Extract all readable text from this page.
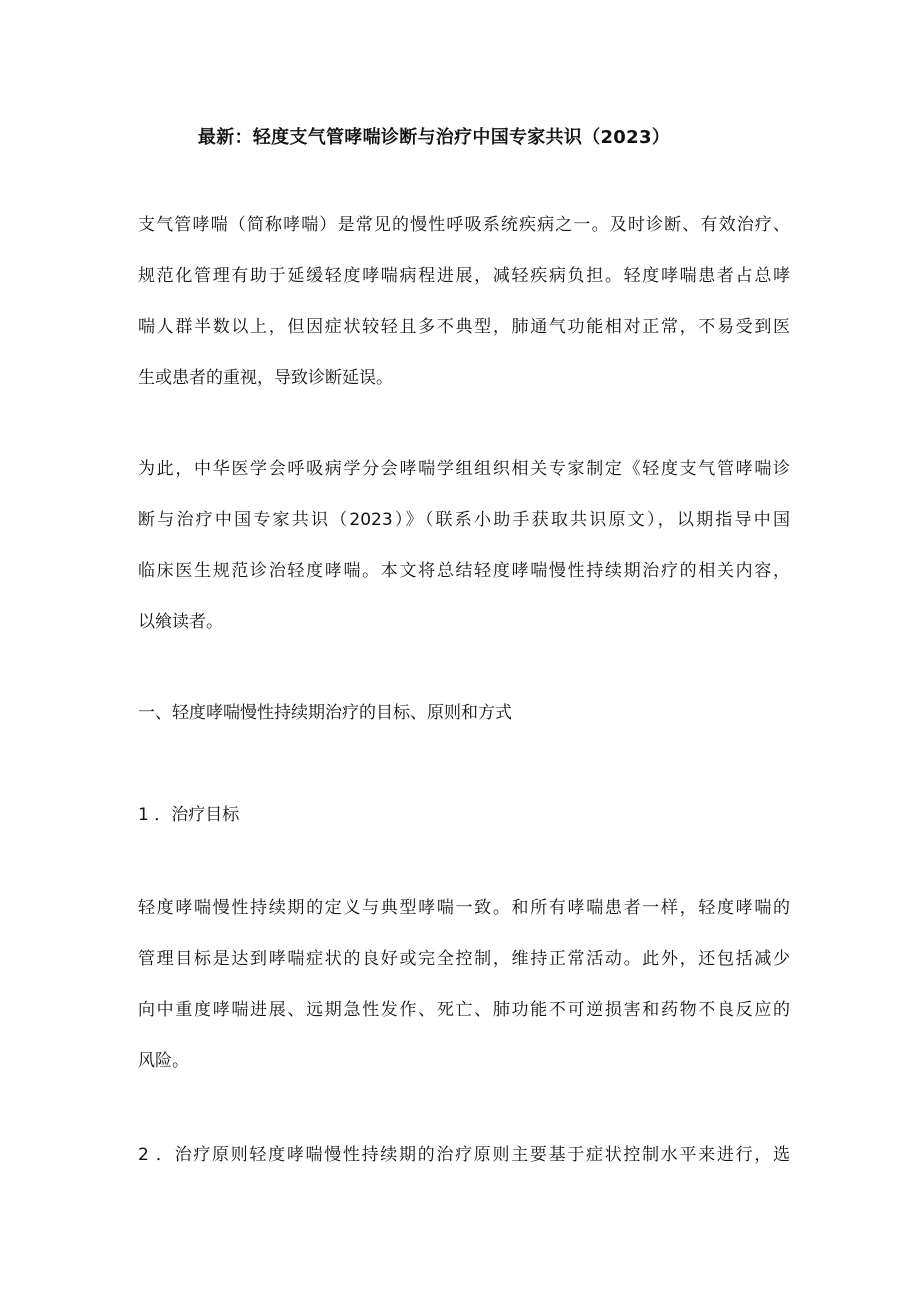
最新：轻度支气管哮喘诊断与治疗中国专家共识（2023）
支气管哮喘（简称哮喘）是常见的慢性呼吸系统疾病之一。及时诊断、有效治疗、
规范化管理有助于延缓轻度哮喘病程进展，减轻疾病负担。轻度哮喘患者占总哮
喘人群半数以上，但因症状较轻且多不典型，肺通气功能相对正常，不易受到医
生或患者的重视，导致诊断延误。
为此，中华医学会呼吸病学分会哮喘学组组织相关专家制定《轻度支气管哮喘诊
断与治疗中国专家共识（2023）》（联系小助手获取共识原文），以期指导中国
临床医生规范诊治轻度哮喘。本文将总结轻度哮喘慢性持续期治疗的相关内容，
以飨读者。
一、轻度哮喘慢性持续期治疗的目标、原则和方式
1 ．治疗目标
轻度哮喘慢性持续期的定义与典型哮喘一致。和所有哮喘患者一样，轻度哮喘的
管理目标是达到哮喘症状的良好或完全控制，维持正常活动。此外，还包括减少
向中重度哮喘进展、远期急性发作、死亡、肺功能不可逆损害和药物不良反应的
风险。
2 ．治疗原则轻度哮喘慢性持续期的治疗原则主要基于症状控制水平来进行，选
